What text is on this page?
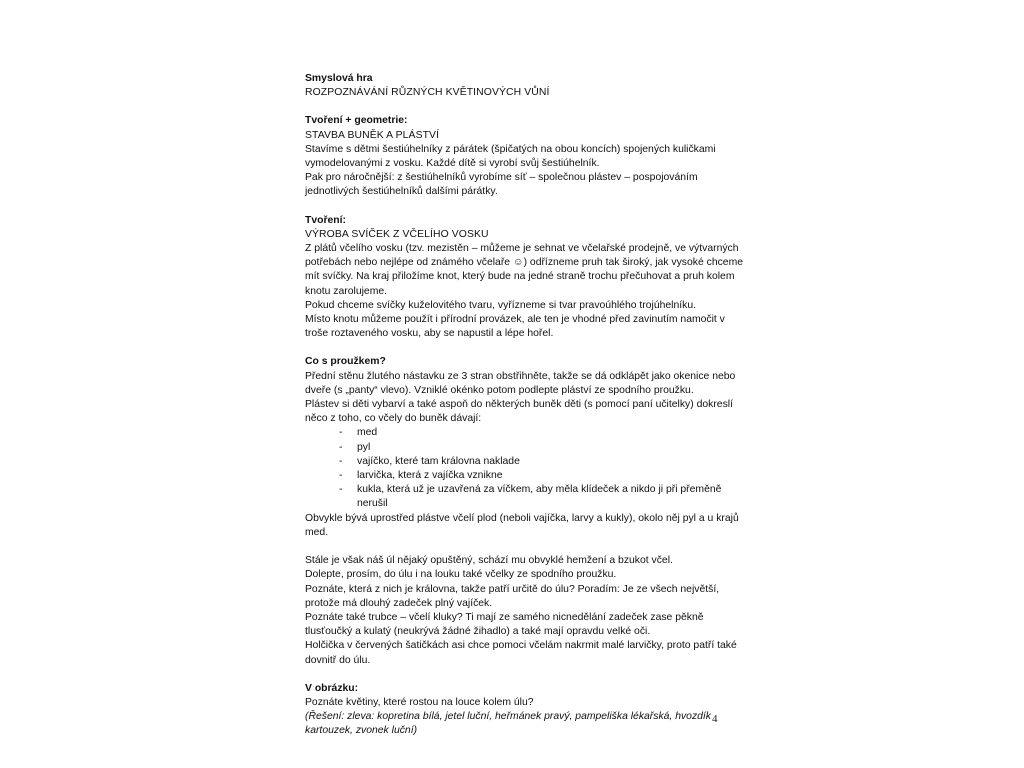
Smyslová hra
ROZPOZNÁVÁNÍ RŮZNÝCH KVĚTINOVÝCH VŮNÍ
Tvoření + geometrie:
STAVBA BUNĚK A PLÁSTVÍ
Stavíme s dětmi šestiúhelníky z párátek (špičatých na obou koncích) spojených kuličkami vymodelovanými z vosku. Každé dítě si vyrobí svůj šestiúhelník.
Pak pro náročnější: z šestiúhelníků vyrobíme síť – společnou plástev – pospojováním jednotlivých šestiúhelníků dalšími párátky.
Tvoření:
VÝROBA SVÍČEK Z VČELÍHO VOSKU
Z plátů včelího vosku (tzv. mezistěn – můžeme je sehnat ve včelařské prodejně, ve výtvarných potřebách nebo nejlépe od známého včelaře ☺) odřízneme pruh tak široký, jak vysoké chceme mít svíčky. Na kraj přiložíme knot, který bude na jedné straně trochu přečuhovat a pruh kolem knotu zarolujeme.
Pokud chceme svíčky kuželovitého tvaru, vyřízneme si tvar pravoúhlého trojúhelníku.
Místo knotu můžeme použít i přírodní provázek, ale ten je vhodné před zavinutím namočit v troše roztaveného vosku, aby se napustil a lépe hořel.
Co s proužkem?
Přední stěnu žlutého nástavku ze 3 stran obstřihněte, takže se dá odklápět jako okenice nebo dveře (s „panty“ vlevo). Vzniklé okénko potom podlepte pláství ze spodního proužku.
Plástev si děti vybarví a také aspoň do některých buněk děti (s pomocí paní učitelky) dokreslí něco z toho, co včely do buněk dávají:
- med
- pyl
- vajíčko, které tam královna naklade
- larvička, která z vajíčka vznikne
- kukla, která už je uzavřená za víčkem, aby měla klídeček a nikdo ji při přeměně nerušil
Obvykle bývá uprostřed plástve včelí plod (neboli vajíčka, larvy a kukly), okolo něj pyl a u krajů med.
Stále je však náš úl nějaký opuštěný, schází mu obvyklé hemžení a bzukot včel.
Dolepte, prosím, do úlu i na louku také včelky ze spodního proužku.
Poznáte, která z nich je královna, takže patří určitě do úlu? Poradím: Je ze všech největší, protože má dlouhý zadeček plný vajíček.
Poznáte také trubce – včelí kluky? Ti mají ze samého nicnedělání zadeček zase pěkně tlusťoučký a kulatý (neukrývá žádné žihadlo) a také mají opravdu velké oči.
Holčička v červených šatičkách asi chce pomoci včelám nakrmit malé larvičky, proto patří také dovnitř do úlu.
V obrázku:
Poznáte květiny, které rostou na louce kolem úlu?
(Řešení: zleva: kopretina bílá, jetel luční, heřmánek pravý, pampeliška lékařská, hvozdík kartouzek, zvonek luční)
4
